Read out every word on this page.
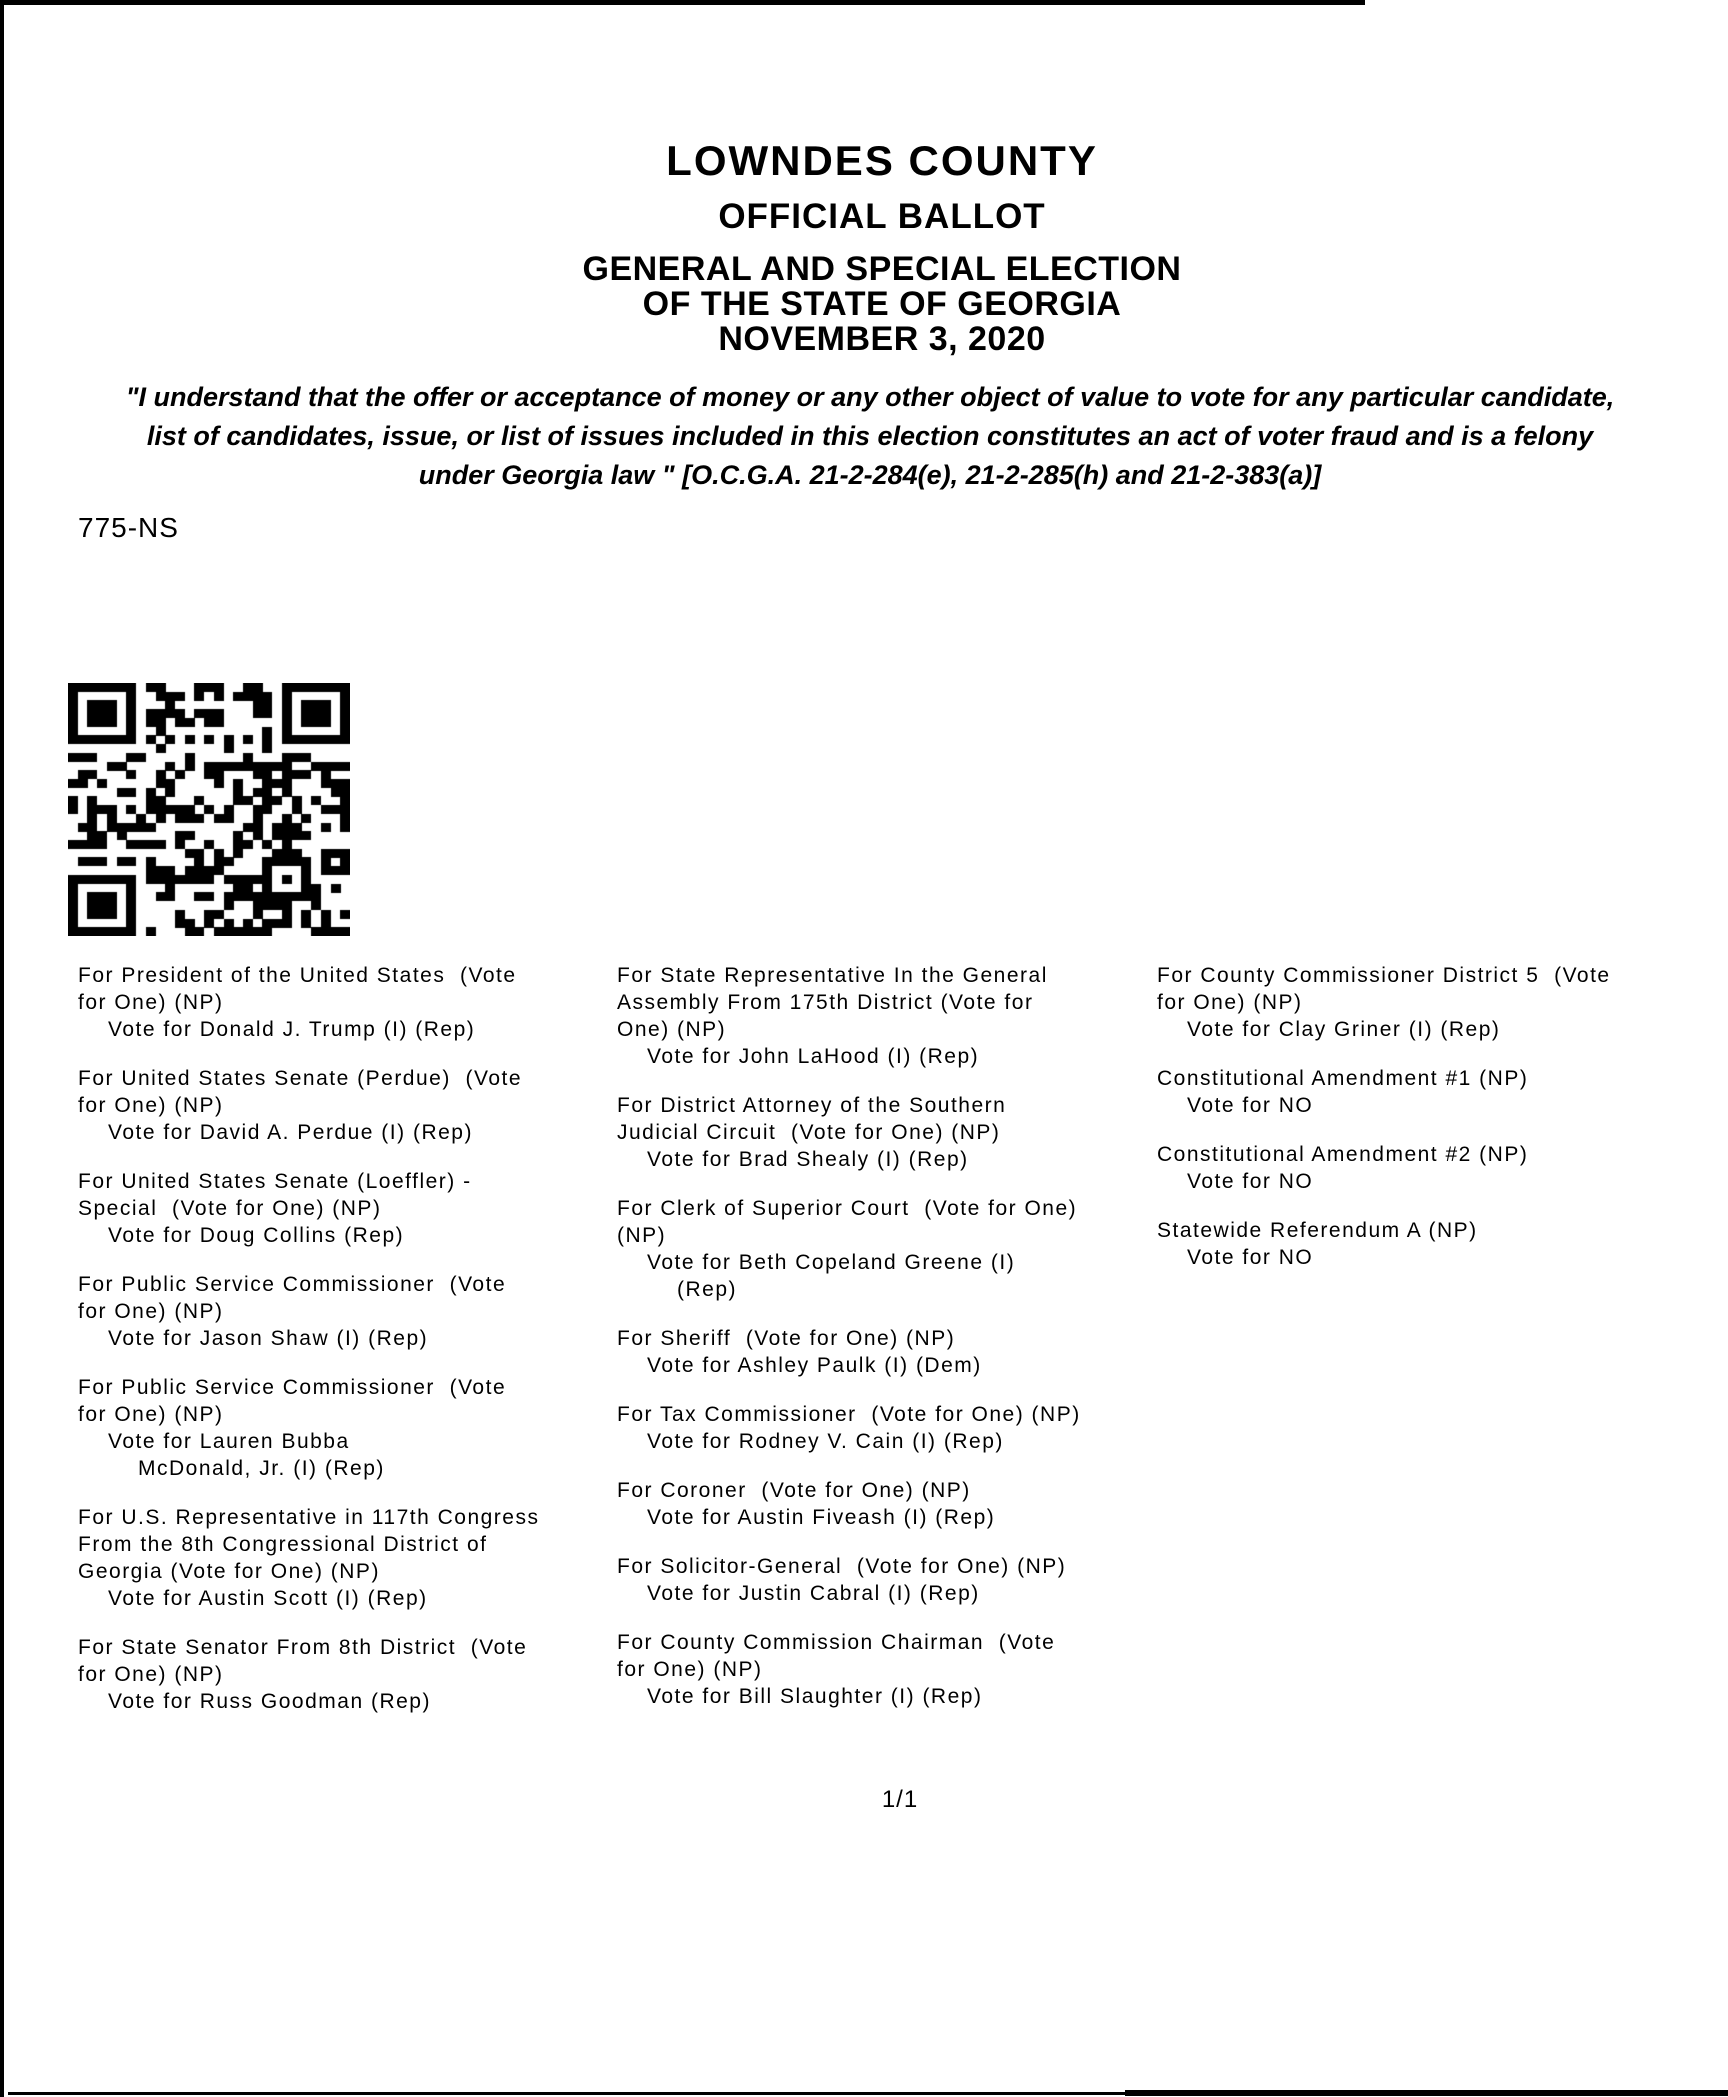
LOWNDES COUNTY
OFFICIAL BALLOT
GENERAL AND SPECIAL ELECTION
OF THE STATE OF GEORGIA
NOVEMBER 3, 2020
"I understand that the offer or acceptance of money or any other object of value to vote for any particular candidate,
list of candidates, issue, or list of issues included in this election constitutes an act of voter fraud and is a felony
under Georgia law " [O.C.G.A. 21-2-284(e), 21-2-285(h) and 21-2-383(a)]
775-NS
For President of the United States  (Vote
for One) (NP)
Vote for Donald J. Trump (I) (Rep)
For United States Senate (Perdue)  (Vote
for One) (NP)
Vote for David A. Perdue (I) (Rep)
For United States Senate (Loeffler) -
Special  (Vote for One) (NP)
Vote for Doug Collins (Rep)
For Public Service Commissioner  (Vote
for One) (NP)
Vote for Jason Shaw (I) (Rep)
For Public Service Commissioner  (Vote
for One) (NP)
Vote for Lauren Bubba
McDonald, Jr. (I) (Rep)
For U.S. Representative in 117th Congress
From the 8th Congressional District of
Georgia (Vote for One) (NP)
Vote for Austin Scott (I) (Rep)
For State Senator From 8th District  (Vote
for One) (NP)
Vote for Russ Goodman (Rep)
For State Representative In the General
Assembly From 175th District (Vote for
One) (NP)
Vote for John LaHood (I) (Rep)
For District Attorney of the Southern
Judicial Circuit  (Vote for One) (NP)
Vote for Brad Shealy (I) (Rep)
For Clerk of Superior Court  (Vote for One)
(NP)
Vote for Beth Copeland Greene (I)
(Rep)
For Sheriff  (Vote for One) (NP)
Vote for Ashley Paulk (I) (Dem)
For Tax Commissioner  (Vote for One) (NP)
Vote for Rodney V. Cain (I) (Rep)
For Coroner  (Vote for One) (NP)
Vote for Austin Fiveash (I) (Rep)
For Solicitor-General  (Vote for One) (NP)
Vote for Justin Cabral (I) (Rep)
For County Commission Chairman  (Vote
for One) (NP)
Vote for Bill Slaughter (I) (Rep)
For County Commissioner District 5  (Vote
for One) (NP)
Vote for Clay Griner (I) (Rep)
Constitutional Amendment #1 (NP)
Vote for NO
Constitutional Amendment #2 (NP)
Vote for NO
Statewide Referendum A (NP)
Vote for NO
1/1
